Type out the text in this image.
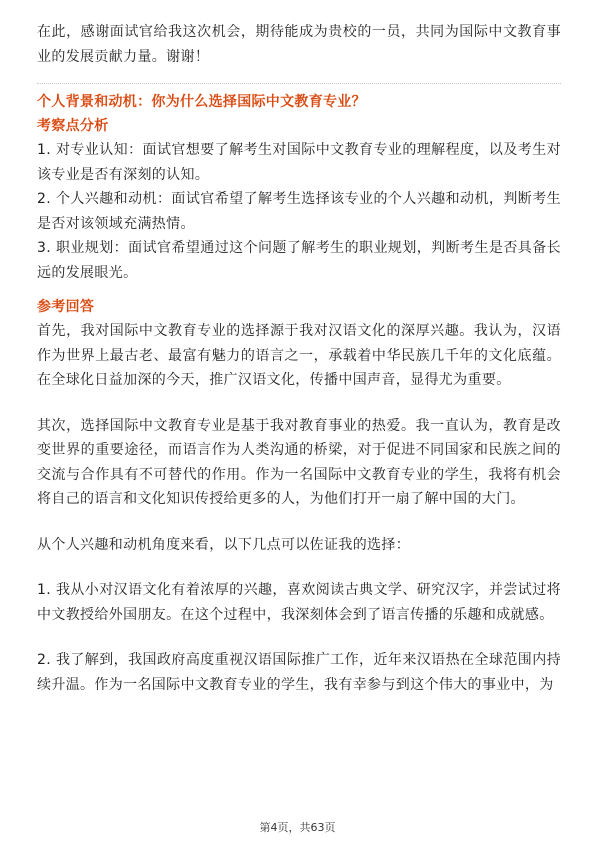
在此，感谢面试官给我这次机会，期待能成为贵校的一员，共同为国际中文教育事业的发展贡献力量。谢谢！

个人背景和动机：你为什么选择国际中文教育专业？

考察点分析

1. 对专业认知：面试官想要了解考生对国际中文教育专业的理解程度，以及考生对该专业是否有深刻的认知。

2. 个人兴趣和动机：面试官希望了解考生选择该专业的个人兴趣和动机，判断考生是否对该领域充满热情。

3. 职业规划：面试官希望通过这个问题了解考生的职业规划，判断考生是否具备长远的发展眼光。

参考回答

首先，我对国际中文教育专业的选择源于我对汉语文化的深厚兴趣。我认为，汉语作为世界上最古老、最富有魅力的语言之一，承载着中华民族几千年的文化底蕴。在全球化日益加深的今天，推广汉语文化，传播中国声音，显得尤为重要。

其次，选择国际中文教育专业是基于我对教育事业的热爱。我一直认为，教育是改变世界的重要途径，而语言作为人类沟通的桥梁，对于促进不同国家和民族之间的交流与合作具有不可替代的作用。作为一名国际中文教育专业的学生，我将有机会将自己的语言和文化知识传授给更多的人，为他们打开一扇了解中国的大门。

从个人兴趣和动机角度来看，以下几点可以佐证我的选择：

1. 我从小对汉语文化有着浓厚的兴趣，喜欢阅读古典文学、研究汉字，并尝试过将中文教授给外国朋友。在这个过程中，我深刻体会到了语言传播的乐趣和成就感。

2. 我了解到，我国政府高度重视汉语国际推广工作，近年来汉语热在全球范围内持续升温。作为一名国际中文教育专业的学生，我有幸参与到这个伟大的事业中，为

第4页，共63页
